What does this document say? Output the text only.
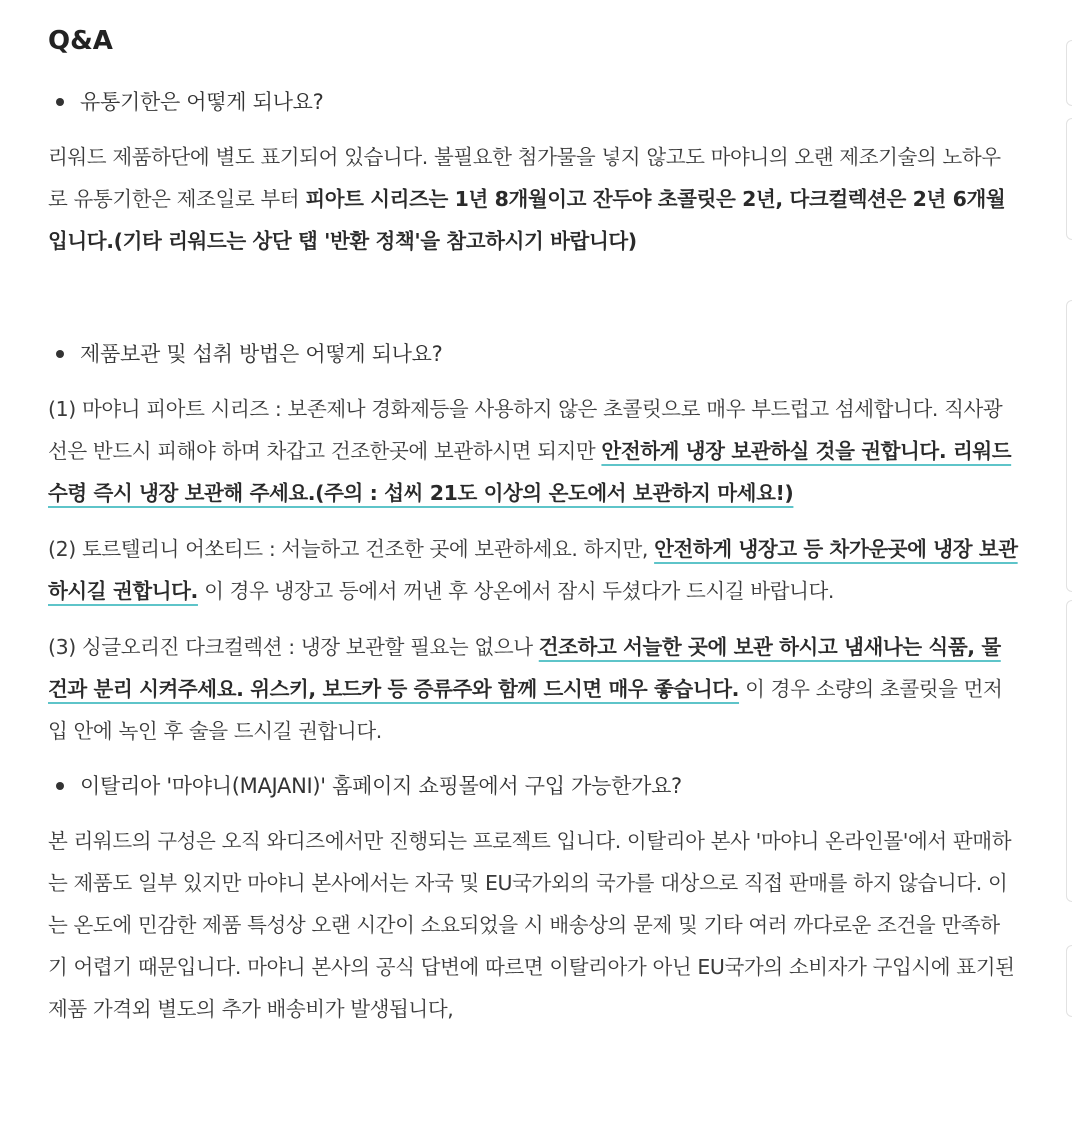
Q&A
유통기한은 어떻게 되나요?

리워드 제품하단에 별도 표기되어 있습니다. 불필요한 첨가물을 넣지 않고도 마야니의 오랜 제조기술의 노하우로 유통기한은 제조일로 부터 피아트 시리즈는 1년 8개월이고 잔두야 초콜릿은 2년, 다크컬렉션은 2년 6개월입니다.(기타 리워드는 상단 탭 '반환 정책'을 참고하시기 바랍니다)

제품보관 및 섭취 방법은 어떻게 되나요?

(1) 마야니 피아트 시리즈 : 보존제나 경화제등을 사용하지 않은 초콜릿으로 매우 부드럽고 섬세합니다. 직사광선은 반드시 피해야 하며 차갑고 건조한곳에 보관하시면 되지만 안전하게 냉장 보관하실 것을 권합니다. 리워드 수령 즉시 냉장 보관해 주세요.(주의 : 섭씨 21도 이상의 온도에서 보관하지 마세요!)

(2) 토르텔리니 어쏘티드 : 서늘하고 건조한 곳에 보관하세요. 하지만, 안전하게 냉장고 등 차가운곳에 냉장 보관하시길 권합니다. 이 경우 냉장고 등에서 꺼낸 후 상온에서 잠시 두셨다가 드시길 바랍니다.

(3) 싱글오리진 다크컬렉션 : 냉장 보관할 필요는 없으나 건조하고 서늘한 곳에 보관 하시고 냄새나는 식품, 물건과 분리 시켜주세요. 위스키, 보드카 등 증류주와 함께 드시면 매우 좋습니다. 이 경우 소량의 초콜릿을 먼저 입 안에 녹인 후 술을 드시길 권합니다.

이탈리아 '마야니(MAJANI)' 홈페이지 쇼핑몰에서 구입 가능한가요?

본 리워드의 구성은 오직 와디즈에서만 진행되는 프로젝트 입니다. 이탈리아 본사 '마야니 온라인몰'에서 판매하는 제품도 일부 있지만 마야니 본사에서는 자국 및 EU국가외의 국가를 대상으로 직접 판매를 하지 않습니다. 이는 온도에 민감한 제품 특성상 오랜 시간이 소요되었을 시 배송상의 문제 및 기타 여러 까다로운 조건을 만족하기 어렵기 때문입니다. 마야니 본사의 공식 답변에 따르면 이탈리아가 아닌 EU국가의 소비자가 구입시에 표기된 제품 가격외 별도의 추가 배송비가 발생됩니다,
